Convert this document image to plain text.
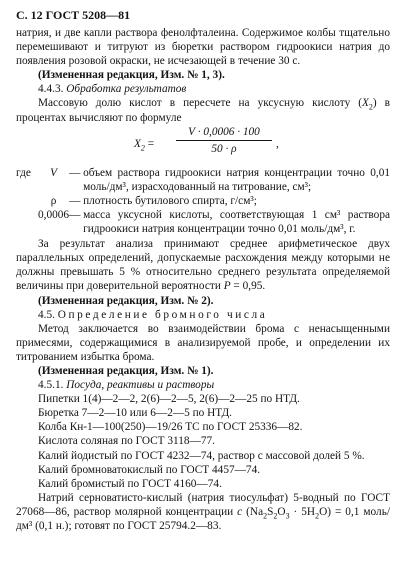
С. 12 ГОСТ 5208—81

натрия, и две капли раствора фенолфталеина. Содержимое колбы тщательно перемешивают и титруют из бюретки раствором гидроокиси натрия до появления розовой окраски, не исчезающей в течение 30 с.

(Измененная редакция, Изм. № 1, 3).

4.4.3. Обработка результатов

Массовую долю кислот в пересчете на уксусную кислоту $(X_2)$ в процентах вычисляют по формуле

$X_2 = \frac{V \cdot 0,0006 \cdot 100}{50 \cdot \rho}$ ,
где	V	—	объем раствора гидроокиси натрия концентрации точно 0,01 моль/дм³, израсходованный на титрование, см³;
	ρ	—	плотность бутилового спирта, г/см³;
	0,0006	—	масса уксусной кислоты, соответствующая 1 см³ раствора гидроокиси натрия концентрации точно 0,01 моль/дм³, г.

За результат анализа принимают среднее арифметическое двух параллельных определений, допускаемые расхождения между которыми не должны превышать 5 % относительно среднего результата определяемой величины при доверительной вероятности P = 0,95.

(Измененная редакция, Изм. № 2).

4.5. Определение бромного числа

Метод заключается во взаимодействии брома с ненасыщенными примесями, содержащимися в анализируемой пробе, и определении их титрованием избытка брома.

(Измененная редакция, Изм. № 1).

4.5.1. Посуда, реактивы и растворы

Пипетки 1(4)—2—2, 2(6)—2—5, 2(6)—2—25 по НТД.

Бюретка 7—2—10 или 6—2—5 по НТД.

Колба Кн-1—100(250)—19/26 ТС по ГОСТ 25336—82.

Кислота соляная по ГОСТ 3118—77.

Калий йодистый по ГОСТ 4232—74, раствор с массовой долей 5 %.

Калий бромноватокислый по ГОСТ 4457—74.

Калий бромистый по ГОСТ 4160—74.

Натрий серноватисто-кислый (натрия тиосульфат) 5-водный по ГОСТ 27068—86, раствор молярной концентрации c $(Na_2S_2O_3 \cdot 5H_2O) = 0,1$ моль/дм³ (0,1 н.); готовят по ГОСТ 25794.2—83.
